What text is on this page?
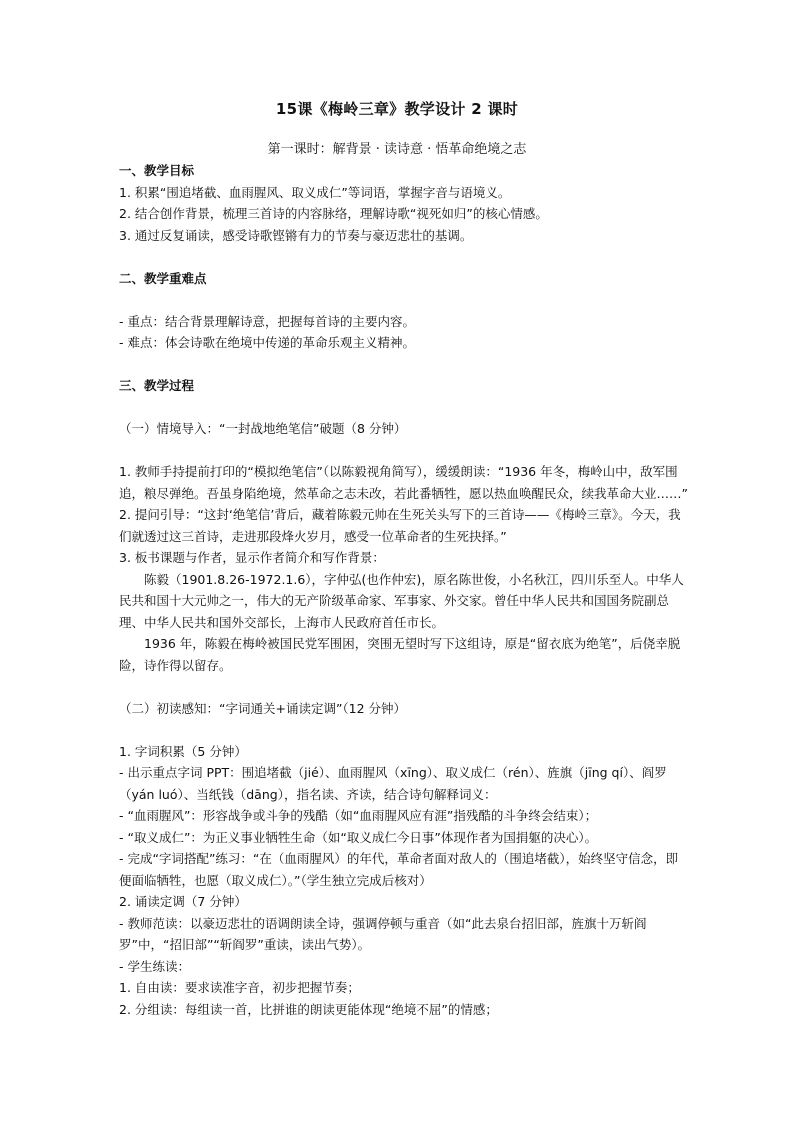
15课《梅岭三章》教学设计 2 课时
第一课时：解背景 · 读诗意 · 悟革命绝境之志

一、教学目标

1. 积累“围追堵截、血雨腥风、取义成仁”等词语，掌握字音与语境义。

2. 结合创作背景，梳理三首诗的内容脉络，理解诗歌“视死如归”的核心情感。

3. 通过反复诵读，感受诗歌铿锵有力的节奏与豪迈悲壮的基调。

二、教学重难点

- 重点：结合背景理解诗意，把握每首诗的主要内容。

- 难点：体会诗歌在绝境中传递的革命乐观主义精神。

三、教学过程

（一）情境导入：“一封战地绝笔信”破题（8 分钟）

1. 教师手持提前打印的“模拟绝笔信”（以陈毅视角简写），缓缓朗读：“1936 年冬，梅岭山中，敌军围追，粮尽弹绝。吾虽身陷绝境，然革命之志未改，若此番牺牲，愿以热血唤醒民众，续我革命大业……”

2. 提问引导：“这封‘绝笔信’背后，藏着陈毅元帅在生死关头写下的三首诗——《梅岭三章》。今天，我们就透过这三首诗，走进那段烽火岁月，感受一位革命者的生死抉择。”

3. 板书课题与作者，显示作者简介和写作背景：

陈毅（1901.8.26-1972.1.6），字仲弘(也作仲宏)，原名陈世俊，小名秋江，四川乐至人。中华人民共和国十大元帅之一，伟大的无产阶级革命家、军事家、外交家。曾任中华人民共和国国务院副总理、中华人民共和国外交部长，上海市人民政府首任市长。

1936 年，陈毅在梅岭被国民党军围困，突围无望时写下这组诗，原是“留衣底为绝笔”，后侥幸脱险，诗作得以留存。

（二）初读感知：“字词通关+诵读定调”（12 分钟）

1. 字词积累（5 分钟）

- 出示重点字词 PPT：围追堵截（jié）、血雨腥风（xīng）、取义成仁（rén）、旌旗（jīng qí）、阎罗（yán luó）、当纸钱（dāng），指名读、齐读，结合诗句解释词义：

- “血雨腥风”：形容战争或斗争的残酷（如“血雨腥风应有涯”指残酷的斗争终会结束）；

- “取义成仁”：为正义事业牺牲生命（如“取义成仁今日事”体现作者为国捐躯的决心）。

- 完成“字词搭配”练习：“在（血雨腥风）的年代，革命者面对敌人的（围追堵截），始终坚守信念，即便面临牺牲，也愿（取义成仁）。”（学生独立完成后核对）

2. 诵读定调（7 分钟）

- 教师范读：以豪迈悲壮的语调朗读全诗，强调停顿与重音（如“此去泉台招旧部，旌旗十万斩阎罗”中，“招旧部”“斩阎罗”重读，读出气势）。

- 学生练读：

1. 自由读：要求读准字音，初步把握节奏；

2. 分组读：每组读一首，比拼谁的朗读更能体现“绝境不屈”的情感；
